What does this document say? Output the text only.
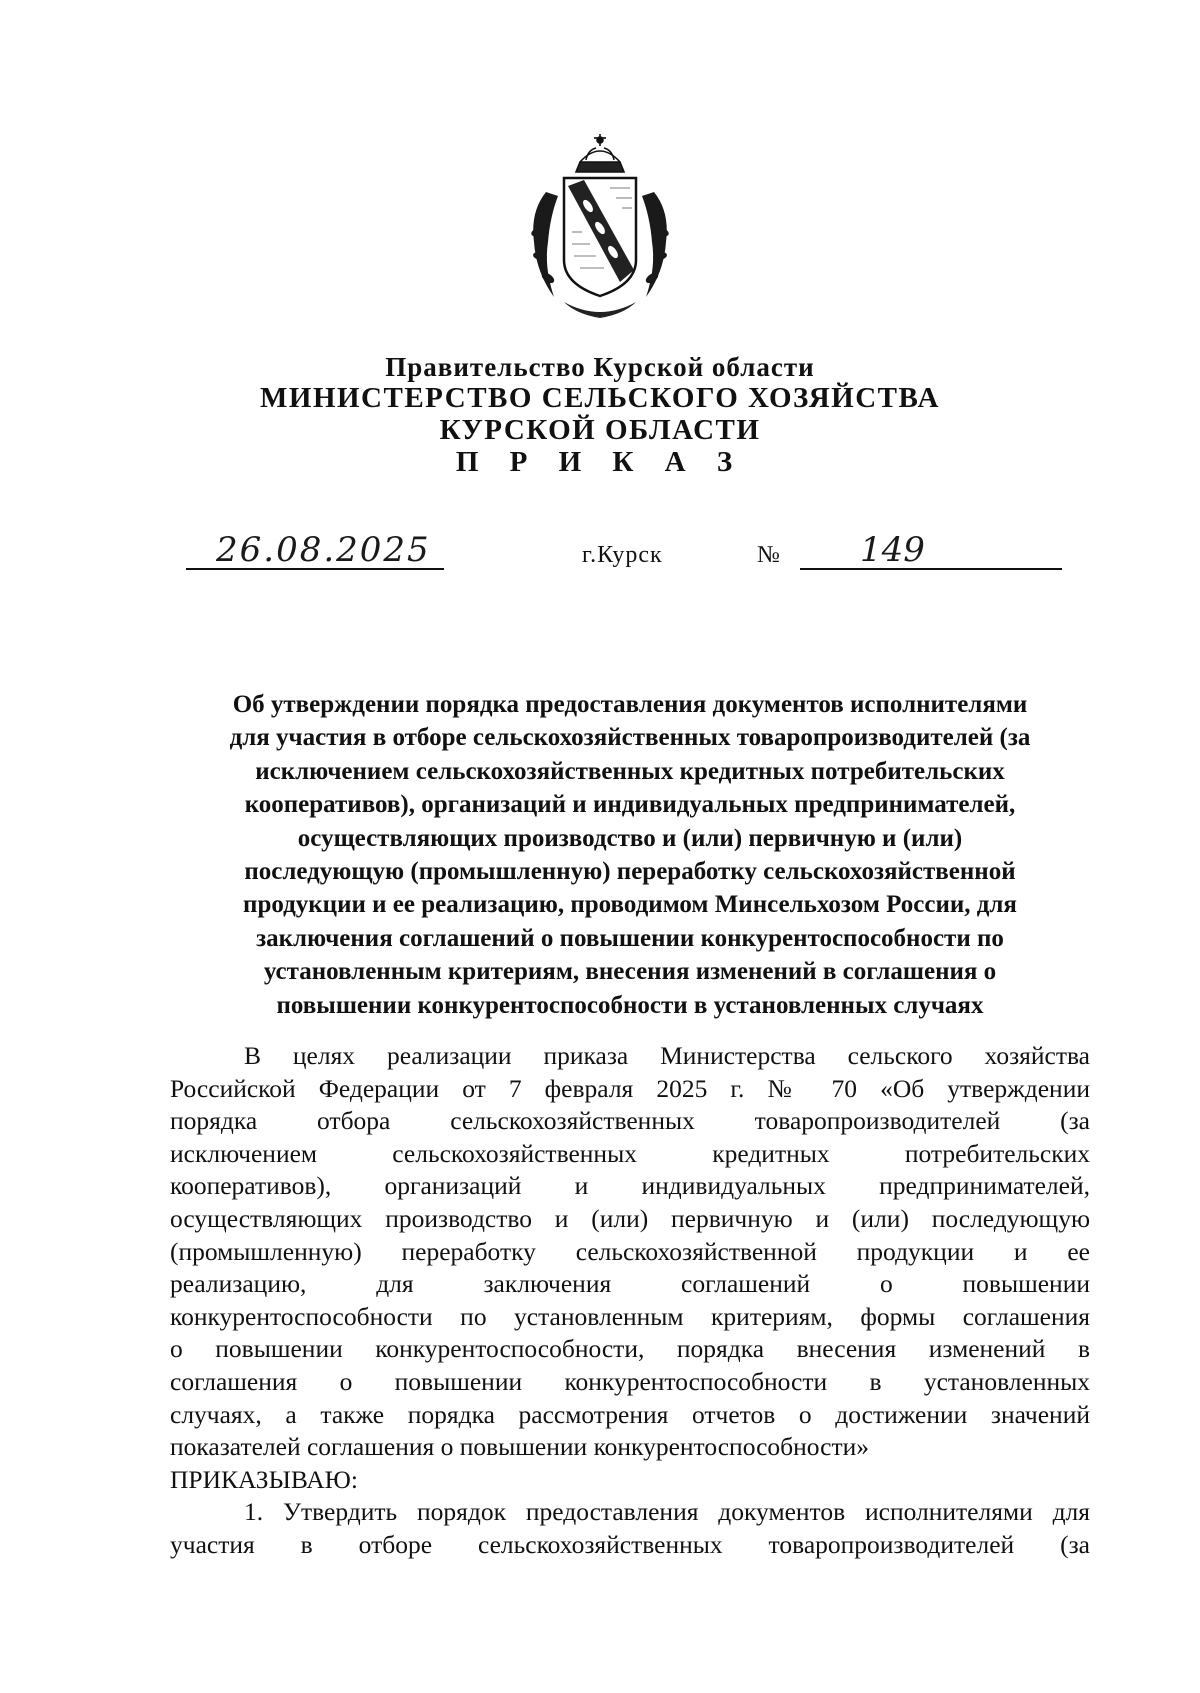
Правительство Курской области
МИНИСТЕРСТВО СЕЛЬСКОГО ХОЗЯЙСТВА
КУРСКОЙ ОБЛАСТИ
П Р И К А З
26.08.2025	г.Курск	№ 149
Об утверждении порядка предоставления документов исполнителями
для участия в отборе сельскохозяйственных товаропроизводителей (за
исключением сельскохозяйственных кредитных потребительских
кооперативов), организаций и индивидуальных предпринимателей,
осуществляющих производство и (или) первичную и (или)
последующую (промышленную) переработку сельскохозяйственной
продукции и ее реализацию, проводимом Минсельхозом России, для
заключения соглашений о повышении конкурентоспособности по
установленным критериям, внесения изменений в соглашения о
повышении конкурентоспособности в установленных случаях
В целях реализации приказа Министерства сельского хозяйства
Российской Федерации от 7 февраля 2025 г. № 70 «Об утверждении
порядка отбора сельскохозяйственных товаропроизводителей (за
исключением сельскохозяйственных кредитных потребительских
кооперативов), организаций и индивидуальных предпринимателей,
осуществляющих производство и (или) первичную и (или) последующую
(промышленную) переработку сельскохозяйственной продукции и ее
реализацию, для заключения соглашений о повышении
конкурентоспособности по установленным критериям, формы соглашения
о повышении конкурентоспособности, порядка внесения изменений в
соглашения о повышении конкурентоспособности в установленных
случаях, а также порядка рассмотрения отчетов о достижении значений
показателей соглашения о повышении конкурентоспособности»
ПРИКАЗЫВАЮ:
1. Утвердить порядок предоставления документов исполнителями для
участия в отборе сельскохозяйственных товаропроизводителей (за
